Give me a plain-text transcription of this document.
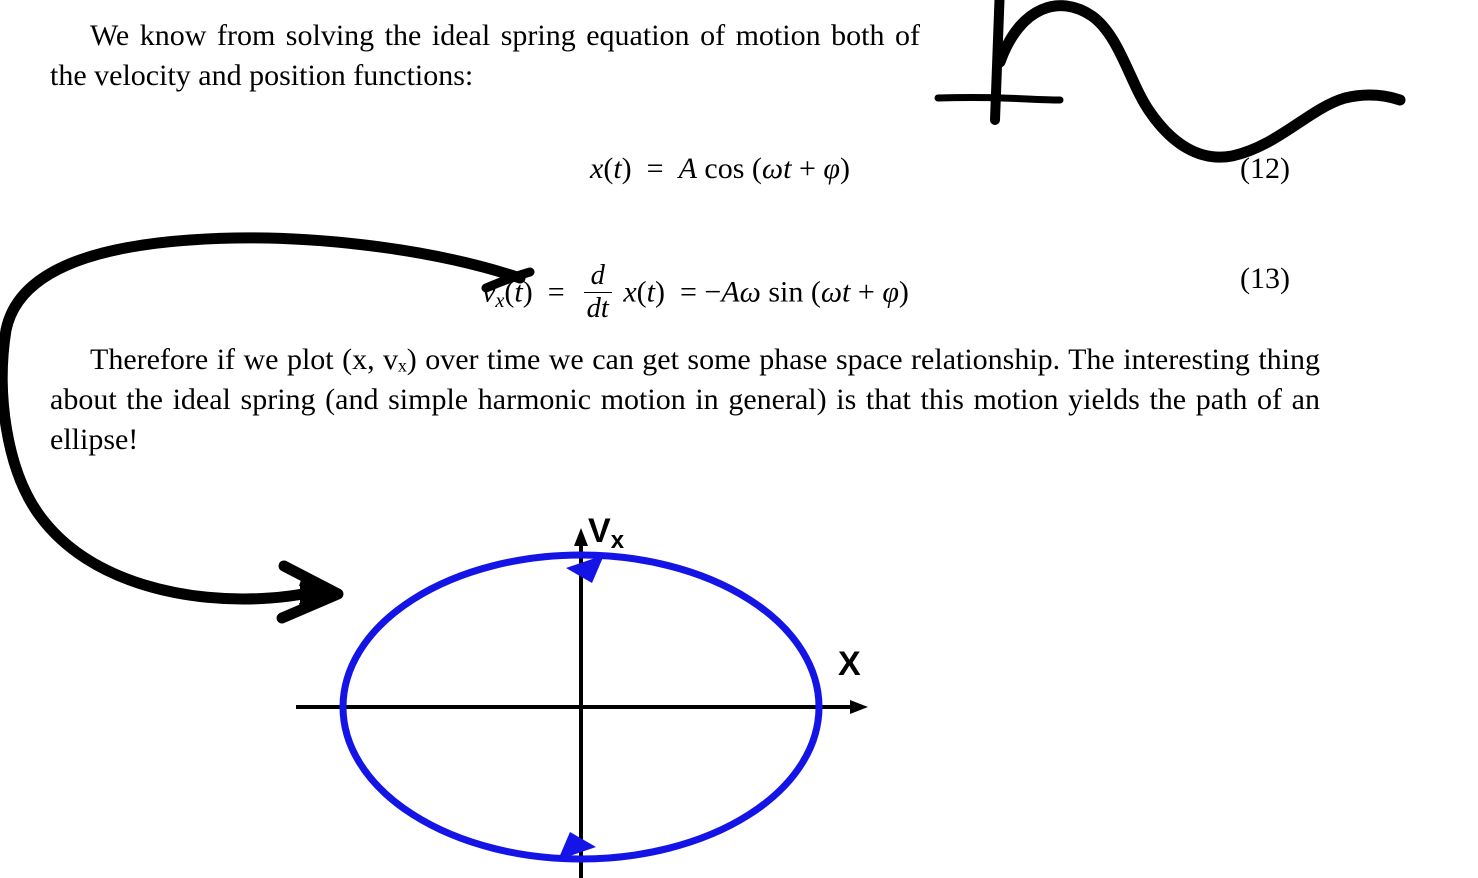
We know from solving the ideal spring equation of motion both of the velocity and position functions:
x(t)  =  A cos (ωt + φ)	(12)
$v_x(t) = \frac{d}{dt} x(t) = -A\omega$ sin (ωt + φ)	(13)
Therefore if we plot (x, vₓ) over time we can get some phase space relationship. The interesting thing about the ideal spring (and simple harmonic motion in general) is that this motion yields the path of an ellipse!
Vx
X
